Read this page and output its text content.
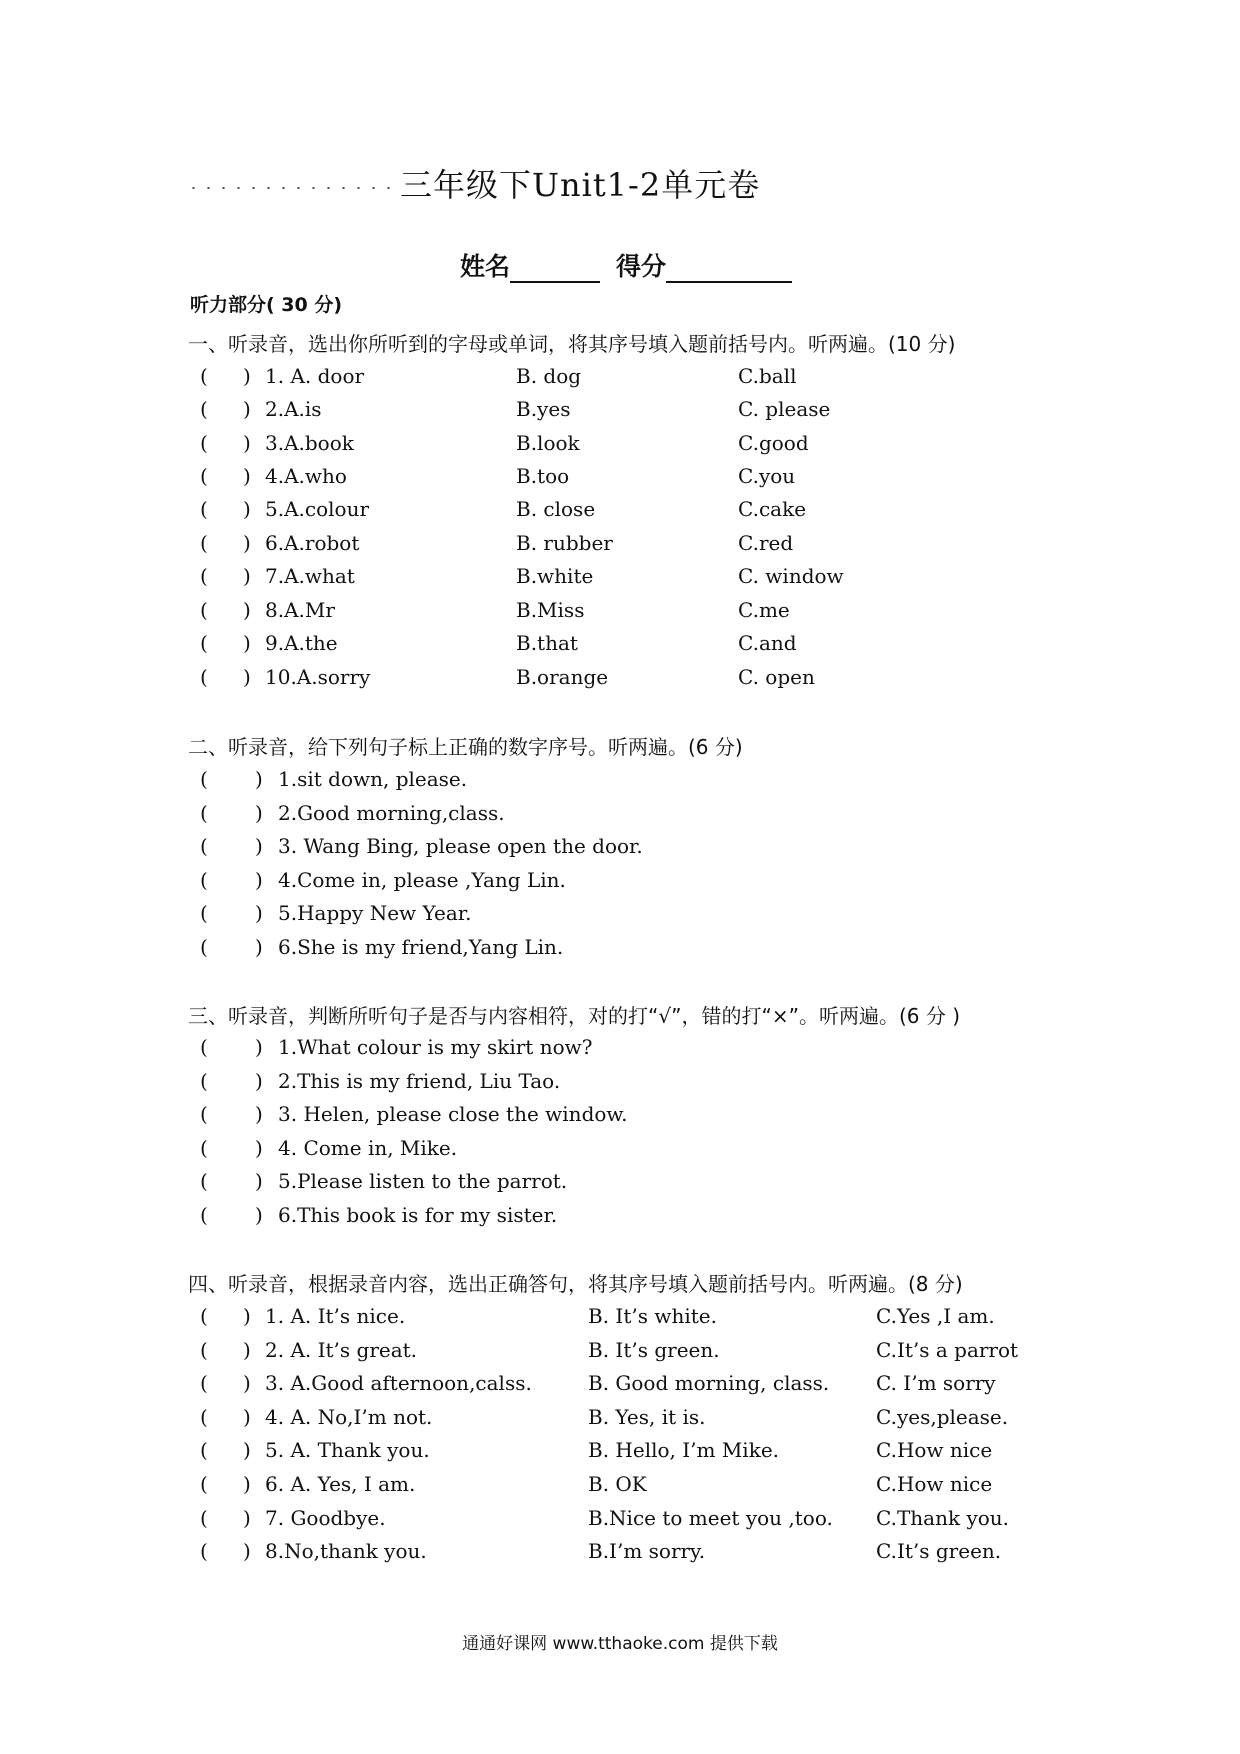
三年级下Unit1-2单元卷
姓名	得分
听力部分( 30 分)
一、听录音，选出你所听到的字母或单词，将其序号填入题前括号内。听两遍。(10 分)
( ) 1. A. door	B. dog	C.ball
( ) 2.A.is	B.yes	C. please
( ) 3.A.book	B.look	C.good
( ) 4.A.who	B.too	C.you
( ) 5.A.colour	B. close	C.cake
( ) 6.A.robot	B. rubber	C.red
( ) 7.A.what	B.white	C. window
( ) 8.A.Mr	B.Miss	C.me
( ) 9.A.the	B.that	C.and
( ) 10.A.sorry	B.orange	C. open
二、听录音，给下列句子标上正确的数字序号。听两遍。(6 分)
( ) 1.sit down, please.
( ) 2.Good morning,class.
( ) 3. Wang Bing, please open the door.
( ) 4.Come in, please ,Yang Lin.
( ) 5.Happy New Year.
( ) 6.She is my friend,Yang Lin.
三、听录音，判断所听句子是否与内容相符，对的打“√”，错的打“×”。听两遍。(6 分 )
( ) 1.What colour is my skirt now?
( ) 2.This is my friend, Liu Tao.
( ) 3. Helen, please close the window.
( ) 4. Come in, Mike.
( ) 5.Please listen to the parrot.
( ) 6.This book is for my sister.
四、听录音，根据录音内容，选出正确答句，将其序号填入题前括号内。听两遍。(8 分)
( ) 1. A. It’s nice.	B. It’s white.	C.Yes ,I am.
( ) 2. A. It’s great.	B. It’s green.	C.It’s a parrot
( ) 3. A.Good afternoon,calss.	B. Good morning, class. C. I’m sorry
( ) 4. A. No,I’m not.	B. Yes, it is.	C.yes,please.
( ) 5. A. Thank you.	B. Hello, I’m Mike.	C.How nice
( ) 6. A. Yes, I am.	B. OK	C.How nice
( ) 7. Goodbye.	B.Nice to meet you ,too. C.Thank you.
( ) 8.No,thank you.	B.I’m sorry.	C.It’s green.
通通好课网 www.tthaoke.com 提供下载
